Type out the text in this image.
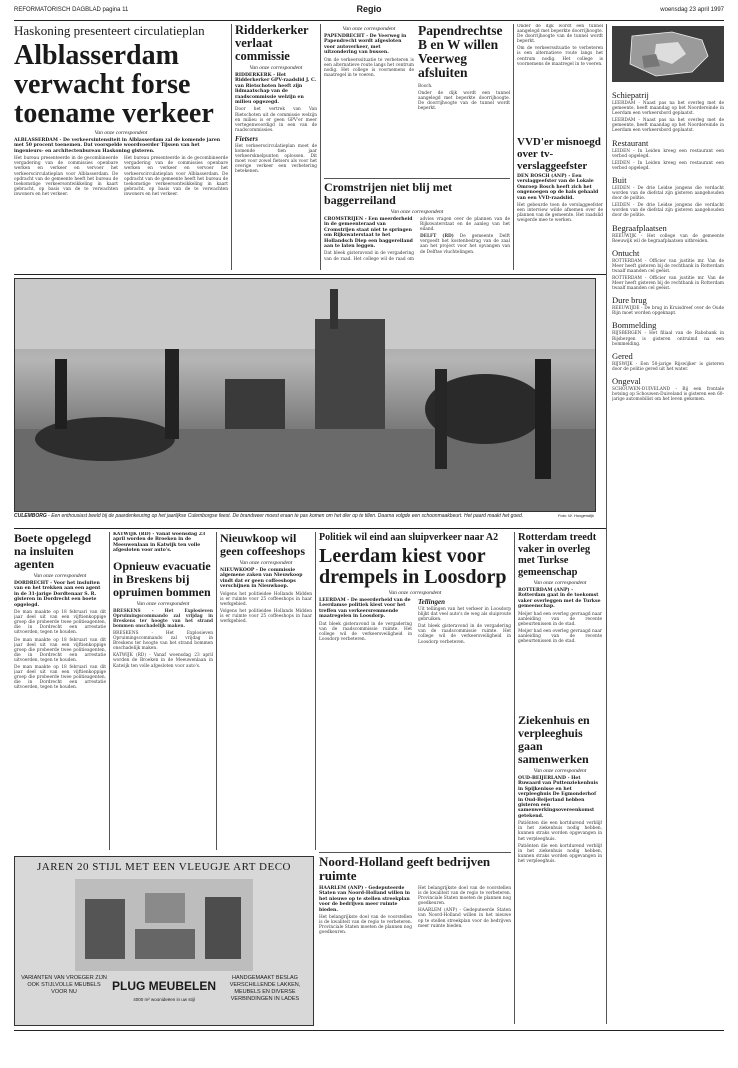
REFORMATORISCH DAGBLAD pagina 11	Regio	woensdag 23 april 1997
Haskoning presenteert circulatieplan
Alblasserdam verwacht forse toename verkeer
Van onze correspondent

ALBLASSERDAM - De verkeersintensiteit in Alblasserdam zal de komende jaren met 50 procent toenemen. Dat voorspelde woordvoerder Tijssen van het ingenieurs- en architectenbureau Haskoning gisteren.

Het bureau presenteerde in de gecombineerde vergadering van de commissies openbare werken en verkeer en vervoer het verkeerscirculatieplan voor Alblasserdam. De opdracht van de gemeente heeft het bureau de toekomstige verkeersontwikkeling in kaart gebracht, op basis van de te verwachten inwoners en het verkeer.

Het bureau presenteerde in de gecombineerde vergadering van de commissies openbare werken en verkeer en vervoer het verkeerscirculatieplan voor Alblasserdam. De opdracht van de gemeente heeft het bureau de toekomstige verkeersontwikkeling in kaart gebracht, op basis van de te verwachten inwoners en het verkeer.

Ridderkerker verlaat commissie
Van onze correspondent

RIDDERKERK - Het Ridderkerker GPV-raadslid J. C. van Rietschoten heeft zijn lidmaatschap van de raadscommissie welzijn en milieu opgezegd.

Door het vertrek van Van Rietschoten uit de commissie welzijn en milieu is er geen GPV'er meer vertegenwoordigd in een van de raadscommissies.

Fietsers

Het verkeerscirculatieplan moet de komende tien jaar verkeersknelpunten oplossen. Dit moet voor zowel fietsers als voor het overige verkeer een verbetering betekenen.

Van onze correspondent

PAPENDRECHT - De Veerweg in Papendrecht wordt afgesloten voor autoverkeer, met uitzondering van bussen.

Om de verkeerssituatie te verbeteren is een alternatieve route langs het centrum nodig. Het college is voornemens de maatregel in te voeren.

Papendrechtse B en W willen Veerweg afsluiten

Bosch.

Onder de dijk wordt een tunnel aangelegd met beperkte doorrijhoogte. De doorrijhoogte van de tunnel wordt beperkt.

Onder de dijk wordt een tunnel aangelegd met beperkte doorrijhoogte. De doorrijhoogte van de tunnel wordt beperkt.

Om de verkeerssituatie te verbeteren is een alternatieve route langs het centrum nodig. Het college is voornemens de maatregel in te voeren.

Cromstrijen niet blij met baggerreiland
Van onze correspondent

CROMSTRIJEN - Een meerderheid in de gemeenteraad van Cromstrijen staat niet te springen om Rijkswaterstaat te het Hollandsch Diep een baggereiland aan te laten leggen.

Dat bleek gisteravond in de vergadering van de raad. Het college wil de raad om advies vragen over de plannen van de Rijkswaterstaat en de aanleg van het eiland.

DELFT (RD) De gemeente Delft vergoedt het kostenbedrag van de zaal aan het project voor het opvangen van de Delftse vluchtelingen.

VVD'er misnoegd over tv-verslaggeefster

DEN BOSCH (ANP) - Een verslaggeefster van de Lokale Omroep Bosch heeft zich het ongenoegen op de hals gehaald van een VVD-raadslid.

Het gebeurde toen de verslaggeefster een interview wilde afnemen over de plannen van de gemeente. Het raadslid weigerde mee te werken.

Schiepatrij

LEERDAM - Naast pas na het overleg met de gemeente, heeft maandag op het Noordereinde in Leerdam een verkeersbord geplaatst.

LEERDAM - Naast pas na het overleg met de gemeente, heeft maandag op het Noordereinde in Leerdam een verkeersbord geplaatst.

Restaurant

LEIDEN - In Leiden kreeg een restaurant een verbod opgelegd.

LEIDEN - In Leiden kreeg een restaurant een verbod opgelegd.

Buit

LEIDEN - De drie Leidse jongens die verdacht worden van de diefstal zijn gisteren aangehouden door de politie.

LEIDEN - De drie Leidse jongens die verdacht worden van de diefstal zijn gisteren aangehouden door de politie.

Begraafplaatsen

REEUWIJK - Het college van de gemeente Reeuwijk wil de begraafplaatsen uitbreiden.

Ontucht

ROTTERDAM - Officier van justitie mr. Van de Meer heeft gisteren bij de rechtbank in Rotterdam twaalf maanden cel geëist.

ROTTERDAM - Officier van justitie mr. Van de Meer heeft gisteren bij de rechtbank in Rotterdam twaalf maanden cel geëist.

Dure brug

REEUWIJDE - De brug in Kruisdreef over de Oude Rijn moet worden opgeknapt.

Bommelding

RIJSBERGEN - Het filiaal van de Rabobank in Rijsbergen is gisteren ontruimd na een bommelding.

Gered

RIJSWIJK - Een 50-jarige Rijswijker is gisteren door de politie gered uit het water.

Ongeval

SCHOUWEN-DUIVELAND - Bij een frontale botsing op Schouwen-Duiveland is gisteren een 60-jarige automobilist om het leven gekomen.

CULEMBORG - Een enthousiast beeld bij de paardenkeuring op het jaarlijkse Culemborgse feest. De brandweer moest eraan te pas komen om het dier op te tillen. Daarna volgde een schoonmaakbeurt. Het paard maakt het goed.	Foto: W. Hoogendijk
Boete opgelegd na insluiten agenten
Van onze correspondent

DORDRECHT - Voor het insluiten van en het trekken aan een agent in de 31-jarige Dordtenaar S. R. gisteren in Dordrecht een boete opgelegd.

De man maakte op 18 februari van dit jaar deel uit van een vijftienkoppige groep die probeerde twee politieagenten, die in Dordrecht een arrestatie uitvoerden, tegen te houden.

De man maakte op 18 februari van dit jaar deel uit van een vijftienkoppige groep die probeerde twee politieagenten, die in Dordrecht een arrestatie uitvoerden, tegen te houden.

De man maakte op 18 februari van dit jaar deel uit van een vijftienkoppige groep die probeerde twee politieagenten, die in Dordrecht een arrestatie uitvoerden, tegen te houden.

KATWIJK (RD) - Vanaf woensdag 23 april worden de Broeken in de Meeuwenlaan in Katwijk ten volle afgesloten voor auto's.

Opnieuw evacuatie in Breskens bij opruimen bommen
Van onze correspondent

BRESKENS - Het Explosieven Opruimingscommando zal vrijdag in Breskens ter hoogte van het strand bommen onschadelijk maken.

BRESKENS - Het Explosieven Opruimingscommando zal vrijdag in Breskens ter hoogte van het strand bommen onschadelijk maken.

KATWIJK (RD) - Vanaf woensdag 23 april worden de Broeken in de Meeuwenlaan in Katwijk ten volle afgesloten voor auto's.

Nieuwkoop wil geen coffeeshops
Van onze correspondent

NIEUWKOOP - De commissie algemene zaken van Nieuwkoop vindt dat er geen coffeeshops verschijnen in Nieuwkoop.

Volgens het politieidee Hollands Midden is er ruimte voor 25 coffeeshops in haar werkgebied.

Volgens het politieidee Hollands Midden is er ruimte voor 25 coffeeshops in haar werkgebied.

Politiek wil eind aan sluipverkeer naar A2
Leerdam kiest voor drempels in Loosdorp
Van onze correspondent

LEERDAM - De meerderheid van de Leerdamse politiek kiest voor het treffen van verkeersremmende maatregelen in Loosdorp.

Dat bleek gisteravond in de vergadering van de raadscommissie ruimte. Het college wil de verkeersveiligheid in Loosdorp verbeteren.

Tellingen

Uit tellingen van het verkeer in Loosdorp blijkt dat veel auto's de weg als sluiproute gebruiken.

Dat bleek gisteravond in de vergadering van de raadscommissie ruimte. Het college wil de verkeersveiligheid in Loosdorp verbeteren.

Rotterdam treedt vaker in overleg met Turkse gemeenschap
Van onze correspondent

ROTTERDAM (ANP) - Rotterdam gaat in de toekomst vaker overleggen met de Turkse gemeenschap.

Meijer had een overleg gevraagd naar aanleiding van de recente gebeurtenissen in de stad.

Meijer had een overleg gevraagd naar aanleiding van de recente gebeurtenissen in de stad.

Ziekenhuis en verpleeghuis gaan samenwerken
Van onze correspondent

OUD-BEIJERLAND - Het Ruwaard van Puttenziekenhuis in Spijkenisse en het verpleeghuis De Egmonderhof in Oud-Beijerland hebben gisteren een samenwerkingsovereenkomst getekend.

Patiënten die een kortdurend verblijf in het ziekenhuis nodig hebben, kunnen straks worden opgevangen in het verpleeghuis.

Patiënten die een kortdurend verblijf in het ziekenhuis nodig hebben, kunnen straks worden opgevangen in het verpleeghuis.

Noord-Holland geeft bedrijven ruimte

HAARLEM (ANP) - Gedeputeerde Staten van Noord-Holland willen in het nieuwe op te stellen streekplan voor de bedrijven meer ruimte bieden.

Het belangrijkste doel van de voorstellen is de kwaliteit van de regio te verbeteren. Provinciale Staten moeten de plannen nog goedkeuren.

Het belangrijkste doel van de voorstellen is de kwaliteit van de regio te verbeteren. Provinciale Staten moeten de plannen nog goedkeuren.

HAARLEM (ANP) - Gedeputeerde Staten van Noord-Holland willen in het nieuwe op te stellen streekplan voor de bedrijven meer ruimte bieden.

JAREN 20 STIJL MET EEN VLEUGJE ART DECO
VARIANTEN VAN VROEGER ZIJN OOK STIJLVOLLE MEUBELS VOOR NU	PLUG MEUBELEN
4000 m² woonideëen in uw stijl
HANDGEMAAKT BESLAG VERSCHILLENDE LAKKEN, MEUBELS EN DIVERSE VERBINDINGEN IN LADES
